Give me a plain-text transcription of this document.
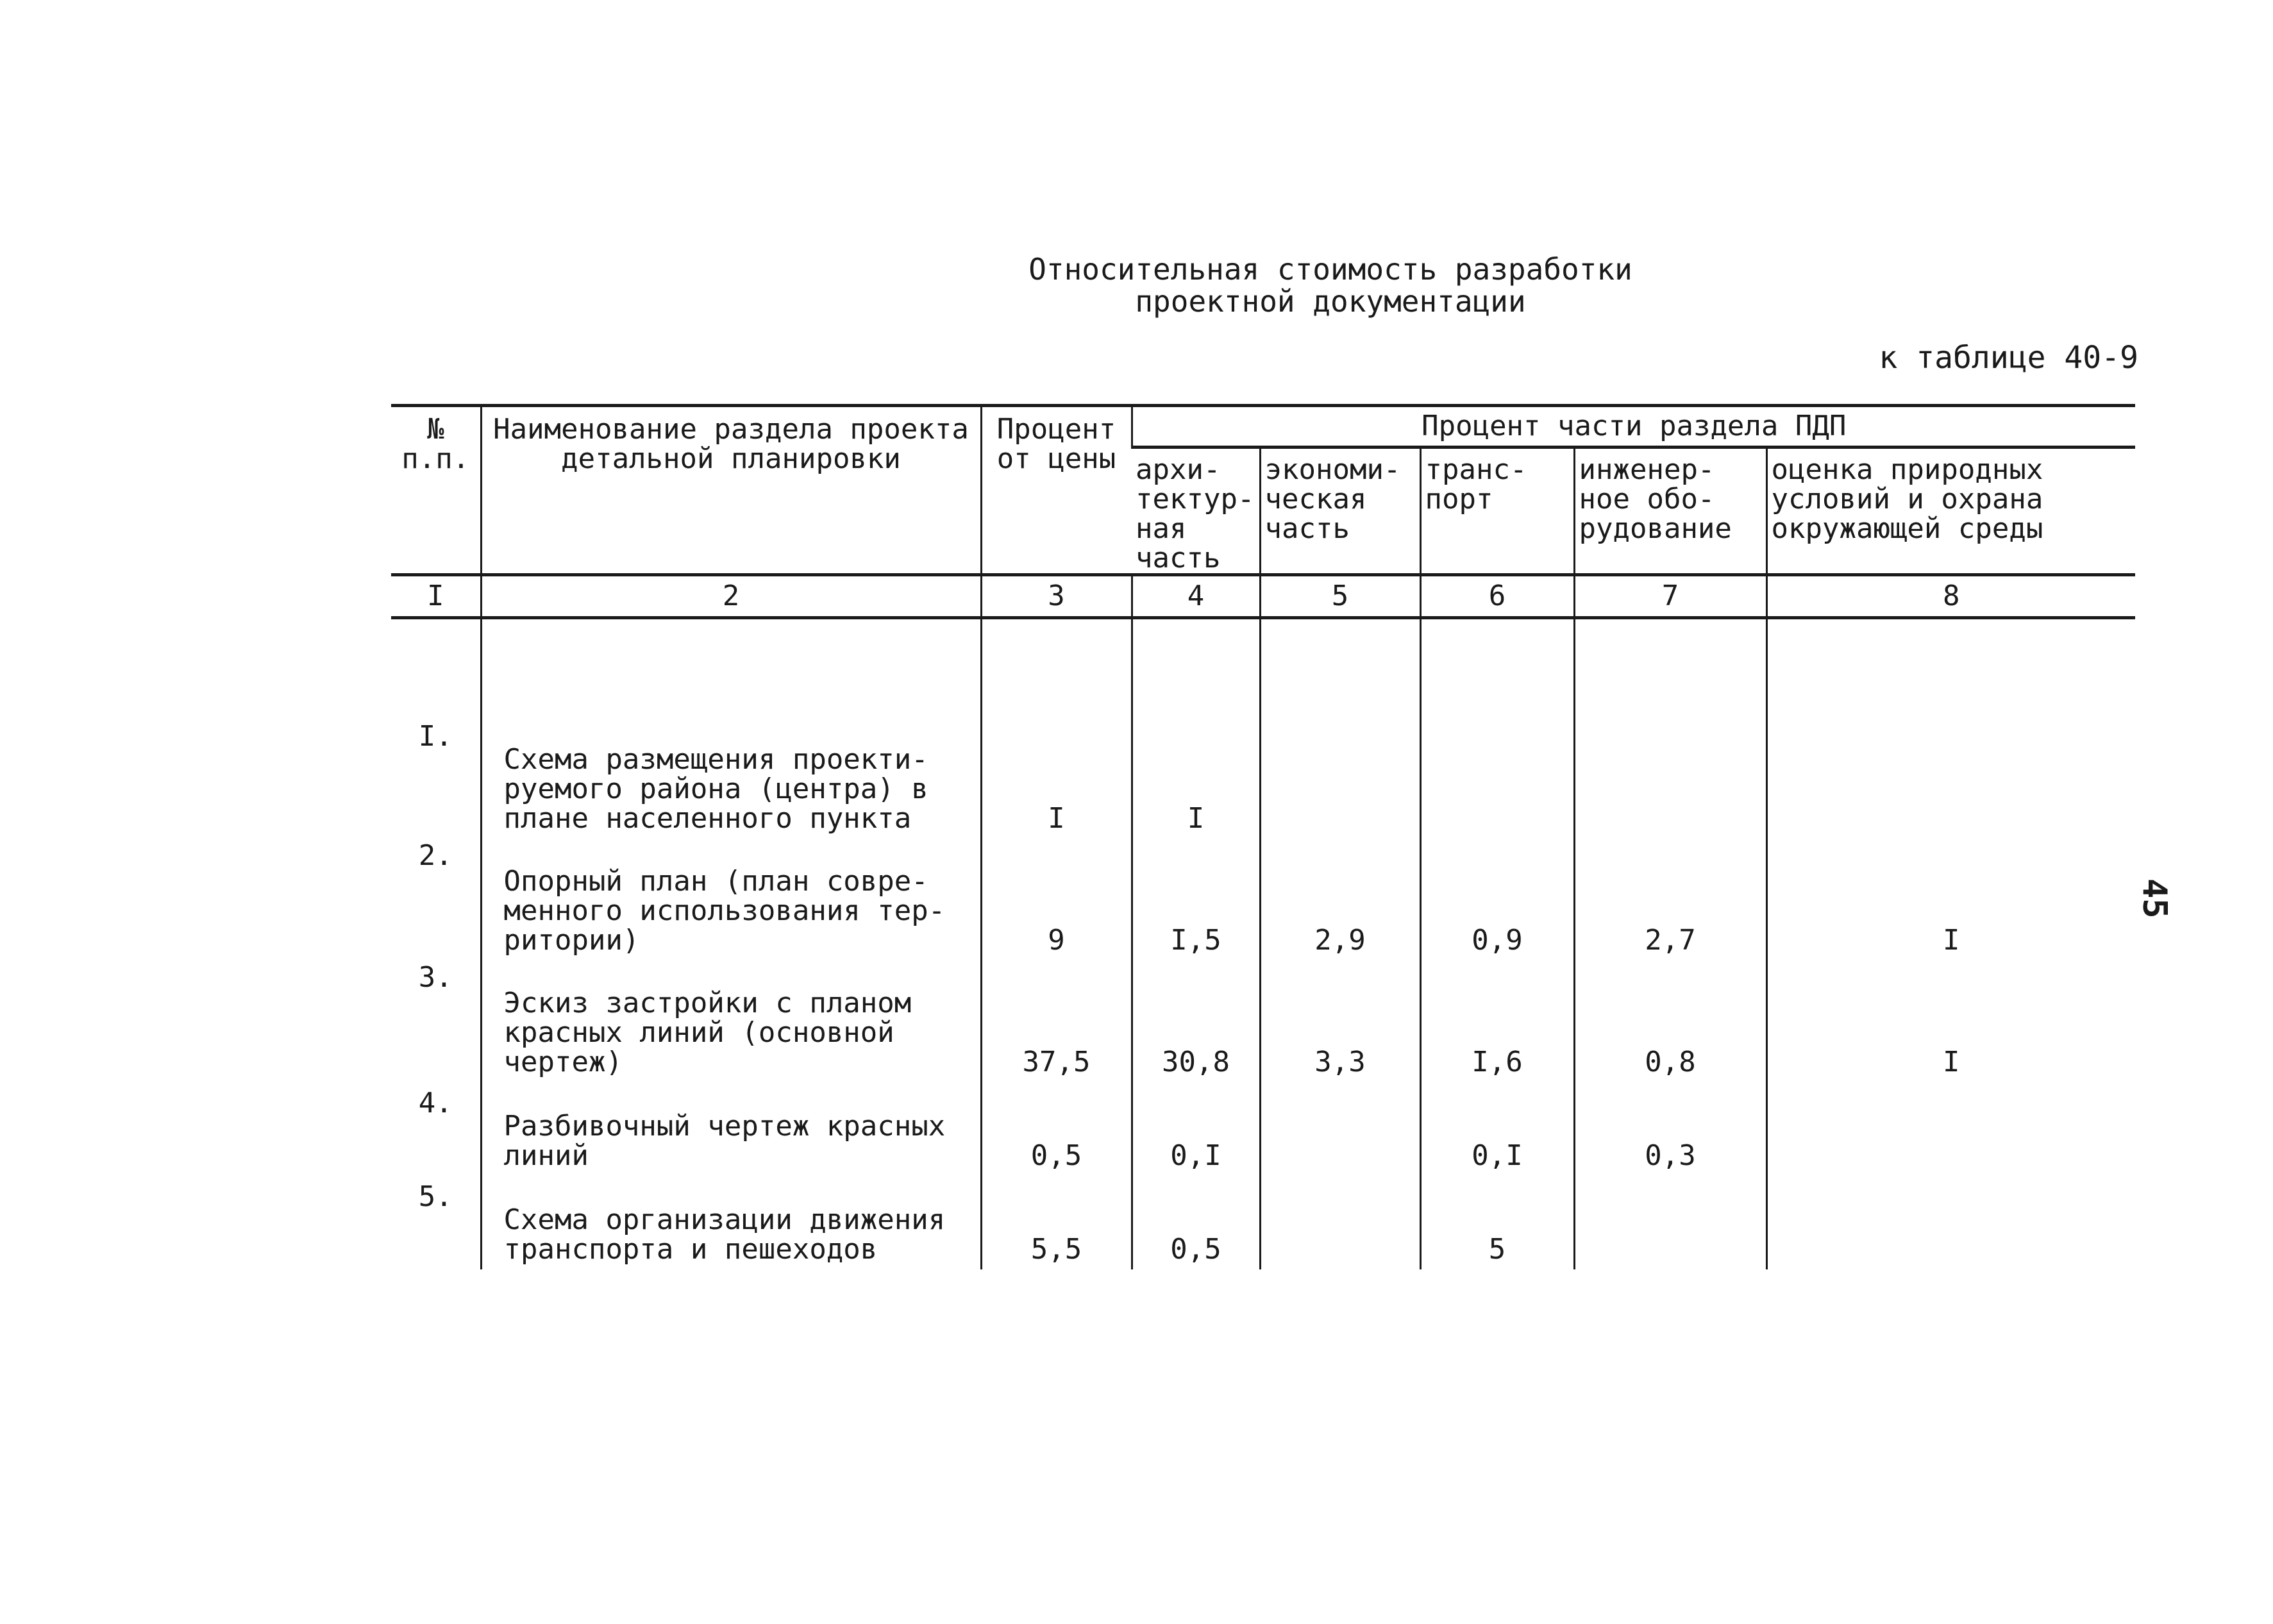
Относительная стоимость разработки
проектной документации
к таблице 40-9
45
№ п.п.	Наименование раздела проекта детальной планировки	Процент от цены	Процент части раздела ПДП				
			архи-тектур-ная часть	экономи-ческая часть	транс-порт	инженер-ное обо-рудование	оценка природных условий и охрана окружающей среды
I	2	3	4	5	6	7	8

I.	Схема размещения проекти-руемого района (центра) в плане населенного пункта	I	I				
2.	Опорный план (план совре-менного использования тер-ритории)	9	I,5	2,9	0,9	2,7	I
3.	Эскиз застройки с планом красных линий (основной чертеж)	37,5	30,8	3,3	I,6	0,8	I
4.	Разбивочный чертеж красных линий	0,5	0,I		0,I	0,3	
5.	Схема организации движения транспорта и пешеходов	5,5	0,5		5		
